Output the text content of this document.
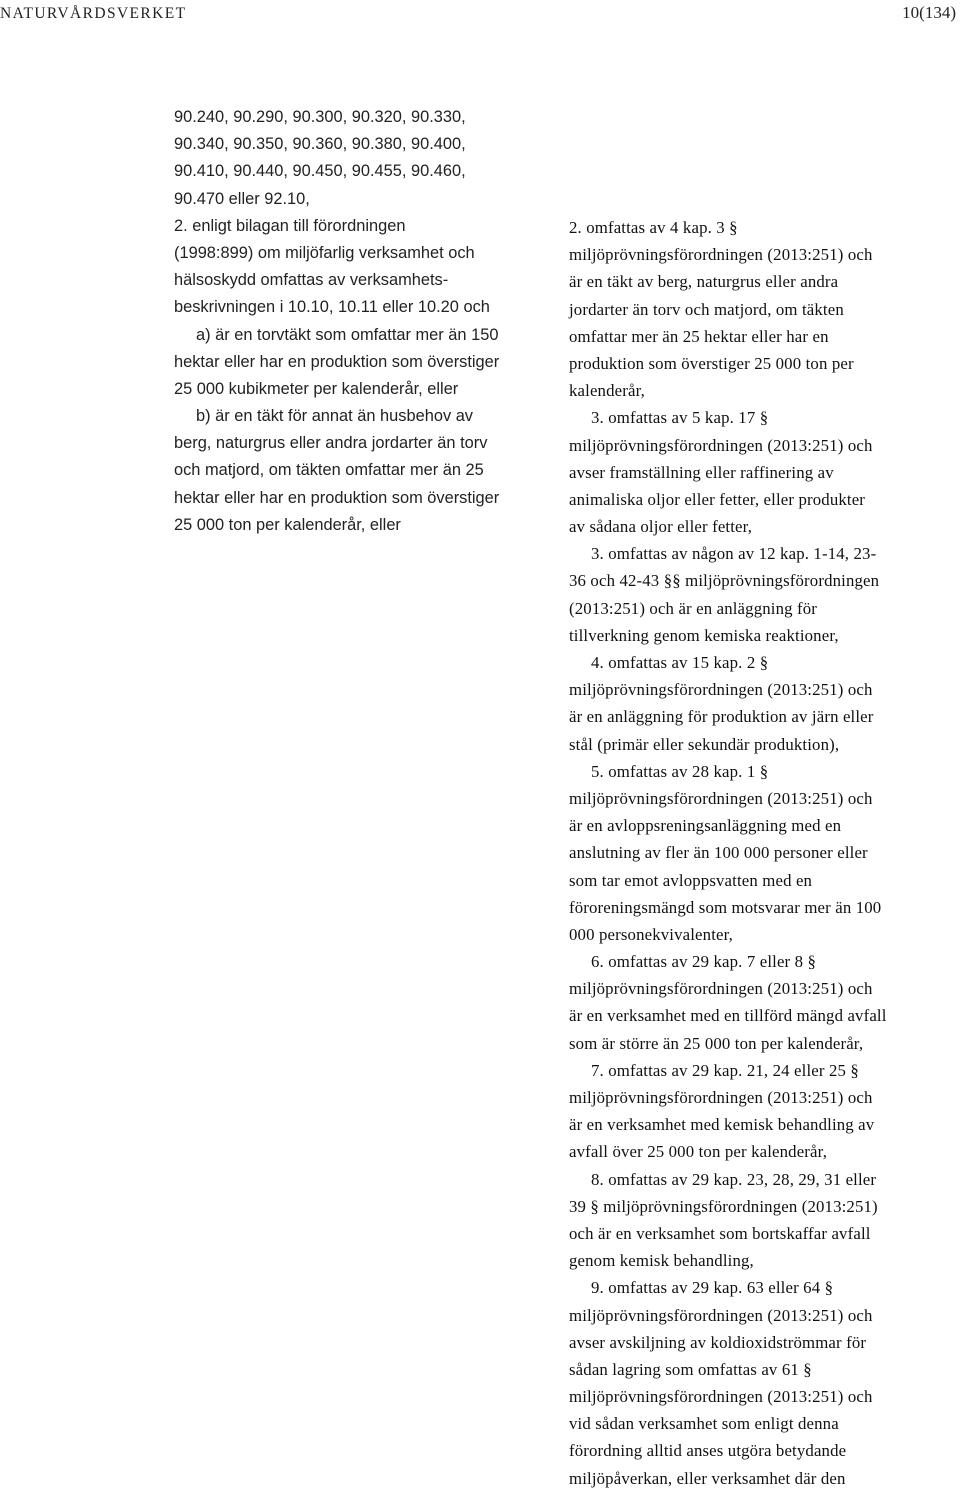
NATURVÅRDSVERKET	10(134)
90.240, 90.290, 90.300, 90.320, 90.330,
90.340, 90.350, 90.360, 90.380, 90.400,
90.410, 90.440, 90.450, 90.455, 90.460,
90.470 eller 92.10,
2. enligt bilagan till förordningen
(1998:899) om miljöfarlig verksamhet och
hälsoskydd omfattas av verksamhets-
beskrivningen i 10.10, 10.11 eller 10.20 och
a) är en torvtäkt som omfattar mer än 150
hektar eller har en produktion som överstiger
25 000 kubikmeter per kalenderår, eller
b) är en täkt för annat än husbehov av
berg, naturgrus eller andra jordarter än torv
och matjord, om täkten omfattar mer än 25
hektar eller har en produktion som överstiger
25 000 ton per kalenderår, eller
2. omfattas av 4 kap. 3 §
miljöprövningsförordningen (2013:251) och
är en täkt av berg, naturgrus eller andra
jordarter än torv och matjord, om täkten
omfattar mer än 25 hektar eller har en
produktion som överstiger 25 000 ton per
kalenderår,
3. omfattas av 5 kap. 17 §
miljöprövningsförordningen (2013:251) och
avser framställning eller raffinering av
animaliska oljor eller fetter, eller produkter
av sådana oljor eller fetter,
3. omfattas av någon av 12 kap. 1-14, 23-
36 och 42-43 §§ miljöprövningsförordningen
(2013:251) och är en anläggning för
tillverkning genom kemiska reaktioner,
4. omfattas av 15 kap. 2 §
miljöprövningsförordningen (2013:251) och
är en anläggning för produktion av järn eller
stål (primär eller sekundär produktion),
5. omfattas av 28 kap. 1 §
miljöprövningsförordningen (2013:251) och
är en avloppsreningsanläggning med en
anslutning av fler än 100 000 personer eller
som tar emot avloppsvatten med en
föroreningsmängd som motsvarar mer än 100
000 personekvivalenter,
6. omfattas av 29 kap. 7 eller 8 §
miljöprövningsförordningen (2013:251) och
är en verksamhet med en tillförd mängd avfall
som är större än 25 000 ton per kalenderår,
7. omfattas av 29 kap. 21, 24 eller 25 §
miljöprövningsförordningen (2013:251) och
är en verksamhet med kemisk behandling av
avfall över 25 000 ton per kalenderår,
8. omfattas av 29 kap. 23, 28, 29, 31 eller
39 § miljöprövningsförordningen (2013:251)
och är en verksamhet som bortskaffar avfall
genom kemisk behandling,
9. omfattas av 29 kap. 63 eller 64 §
miljöprövningsförordningen (2013:251) och
avser avskiljning av koldioxidströmmar för
sådan lagring som omfattas av 61 §
miljöprövningsförordningen (2013:251) och
vid sådan verksamhet som enligt denna
förordning alltid anses utgöra betydande
miljöpåverkan, eller verksamhet där den
